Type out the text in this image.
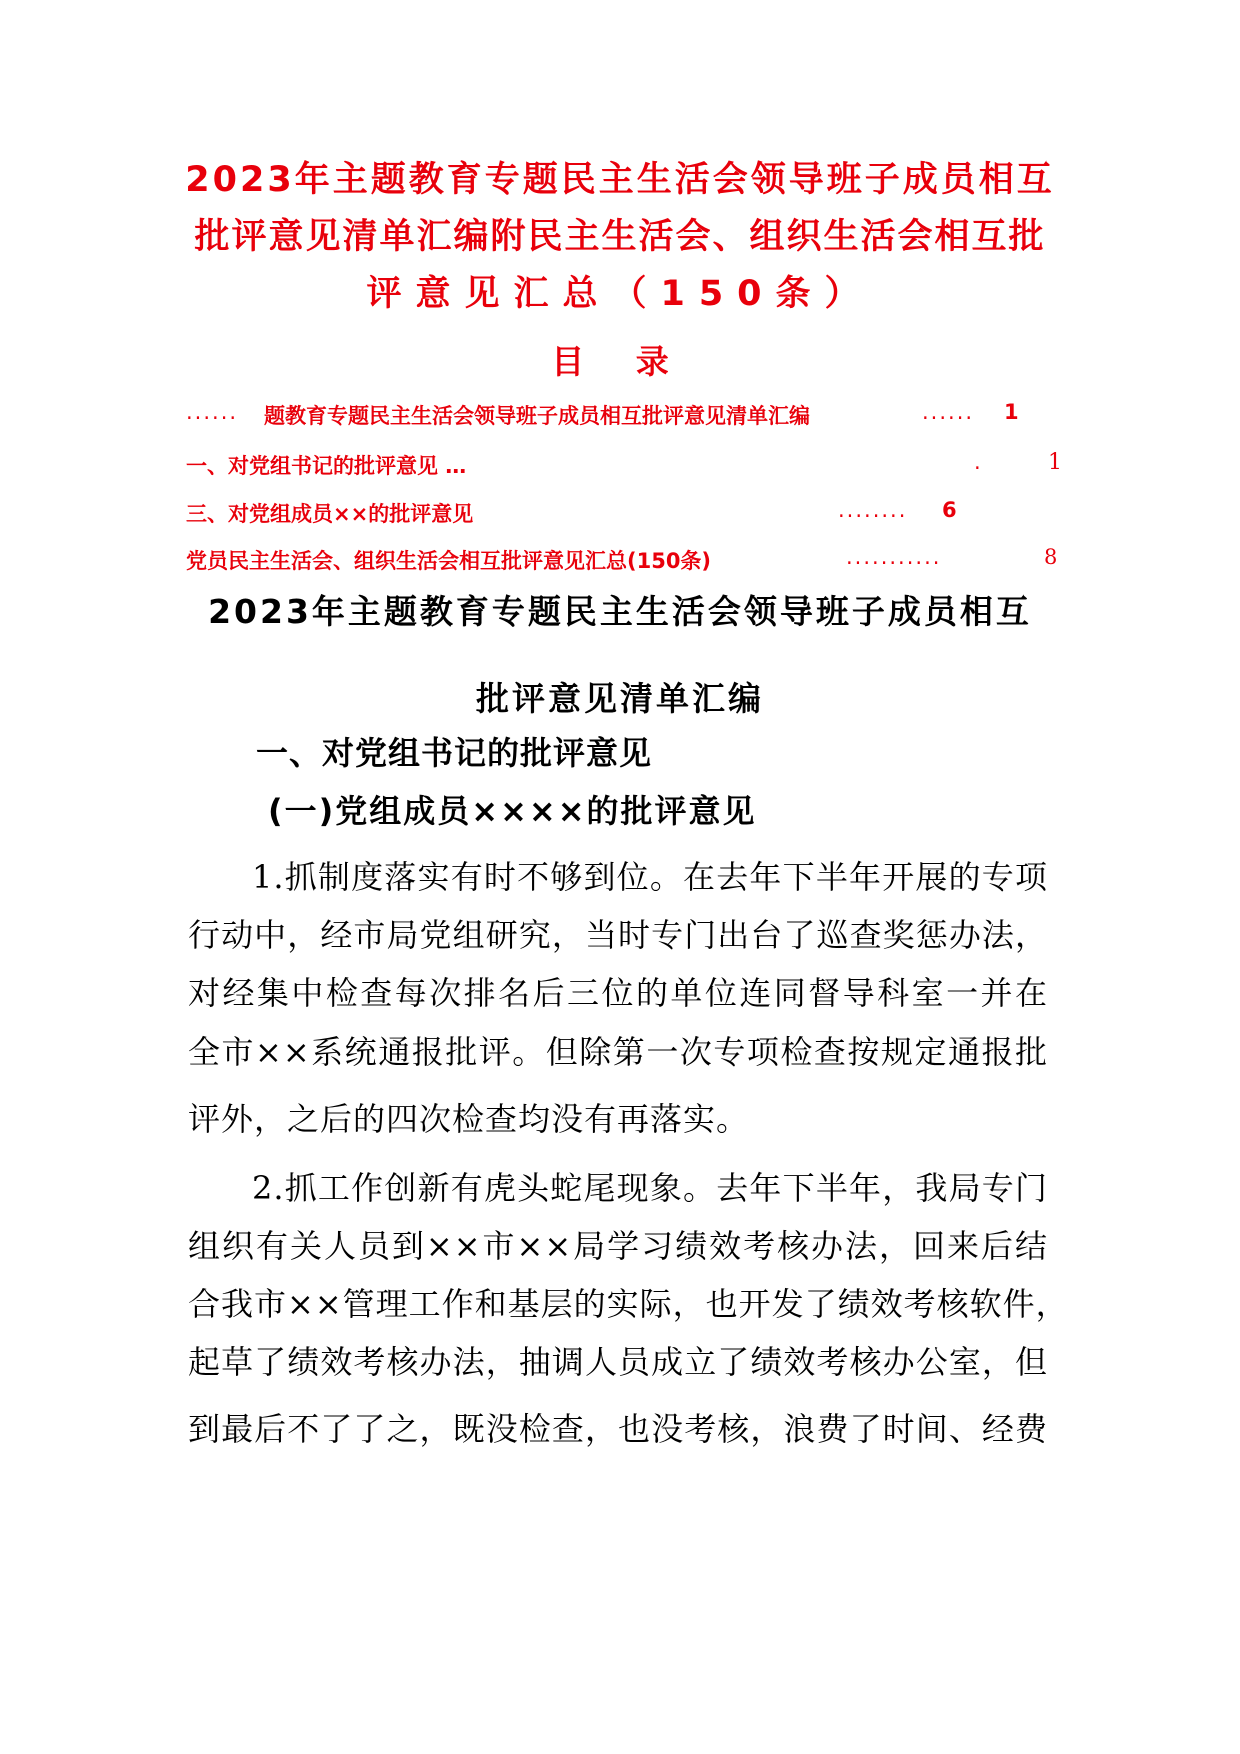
2023年主题教育专题民主生活会领导班子成员相互
批评意见清单汇编附民主生活会、组织生活会相互批
评意见汇总（150条）
目 录
...... 题教育专题民主生活会领导班子成员相互批评意见清单汇编	...... 1
一、对党组书记的批评意见 …	.	1
三、对党组成员××的批评意见	........ 6
党员民主生活会、组织生活会相互批评意见汇总(150条)	...........	8
2023年主题教育专题民主生活会领导班子成员相互
批评意见清单汇编
一、对党组书记的批评意见
(一)党组成员××××的批评意见
1.抓制度落实有时不够到位。在去年下半年开展的专项
行动中，经市局党组研究，当时专门出台了巡查奖惩办法，
对经集中检查每次排名后三位的单位连同督导科室一并在
全市××系统通报批评。但除第一次专项检查按规定通报批
评外，之后的四次检查均没有再落实。
2.抓工作创新有虎头蛇尾现象。去年下半年，我局专门
组织有关人员到××市××局学习绩效考核办法，回来后结
合我市××管理工作和基层的实际，也开发了绩效考核软件，
起草了绩效考核办法，抽调人员成立了绩效考核办公室，但
到最后不了了之，既没检查，也没考核，浪费了时间、经费
